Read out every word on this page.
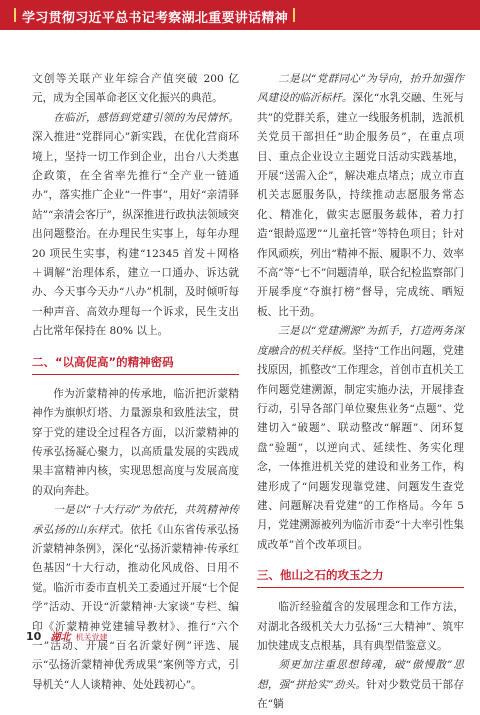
学习贯彻习近平总书记考察湖北重要讲话精神

文创等关联产业年综合产值突破 200 亿元，成为全国革命老区文化振兴的典范。

在临沂，感悟到党建引领的为民情怀。深入推进“党群同心”新实践，在优化营商环境上，坚持一切工作到企业，出台八大类惠企政策，在全省率先推行“全产业一链通办”，落实推广企业“一件事”，用好“亲清驿站”“亲清会客厅”，纵深推进行政执法领域突出问题整治。在办理民生实事上，每年办理 20 项民生实事，构建“12345 首发＋网格＋调解”治理体系，建立一口通办、诉达就办、今天事今天办“八办”机制，及时倾听每一种声音、高效办理每一个诉求，民生支出占比常年保持在 80% 以上。

二、“以高促高”的精神密码

作为沂蒙精神的传承地，临沂把沂蒙精神作为旗帜灯塔、力量源泉和致胜法宝，贯穿于党的建设全过程各方面，以沂蒙精神的传承弘扬凝心聚力，以高质量发展的实践成果丰富精神内核，实现思想高度与发展高度的双向奔赴。

一是以“十大行动”为依托，共筑精神传承弘扬的山东样式。依托《山东省传承弘扬沂蒙精神条例》，深化“弘扬沂蒙精神·传承红色基因”十大行动，推动化风成俗、日用不觉。临沂市委市直机关工委通过开展“七个促学”活动、开设“沂蒙精神·大家谈”专栏、编印《沂蒙精神党建辅导教材》、推行“六个一”活动、开展“百名沂蒙好例”评选、展示“弘扬沂蒙精神优秀成果”案例等方式，引导机关“人人谈精神、处处践初心”。

二是以“党群同心”为导向，抬升加强作风建设的临沂标杆。深化“水乳交融、生死与共”的党群关系，建立一线服务机制，选派机关党员干部担任“助企服务员”，在重点项目、重点企业设立主题党日活动实践基地，开展“送需入企”，解决难点堵点；成立市直机关志愿服务队，持续推动志愿服务常态化、精准化，做实志愿服务载体，着力打造“银龄巡逻”“儿童托管”等特色项目；针对作风顽疾，列出“精神不振、履职不力、效率不高”等“七不”问题清单，联合纪检监察部门开展季度“夺旗打榜”督导，完成统、晒短板、比干劲。

三是以“党建溯源”为抓手，打造两务深度融合的机关样板。坚持“工作出问题，党建找原因，抓整改”工作理念，首创市直机关工作问题党建溯源，制定实施办法，开展排查行动，引导各部门单位聚焦业务“点题”、党建切入“破题”、联动整改“解题”、闭环复盘“验题”，以逆向式、延续性、务实化理念，一体推进机关党的建设和业务工作，构建形成了“问题发现靠党建、问题发生查党建、问题解决看党建”的工作格局。今年 5 月，党建溯源被列为临沂市委“十大率引性集成改革”首个改革项目。

三、他山之石的攻玉之力

临沂经验蕴含的发展理念和工作方法，对湖北各级机关大力弘扬“三大精神”、筑牢加快建成支点根基，具有典型借鉴意义。

须更加注重思想铸魂，破“傲慢散”思想，强“拼抢实”劲头。针对少数党员干部存在“躺

10 湖北 机关党建
